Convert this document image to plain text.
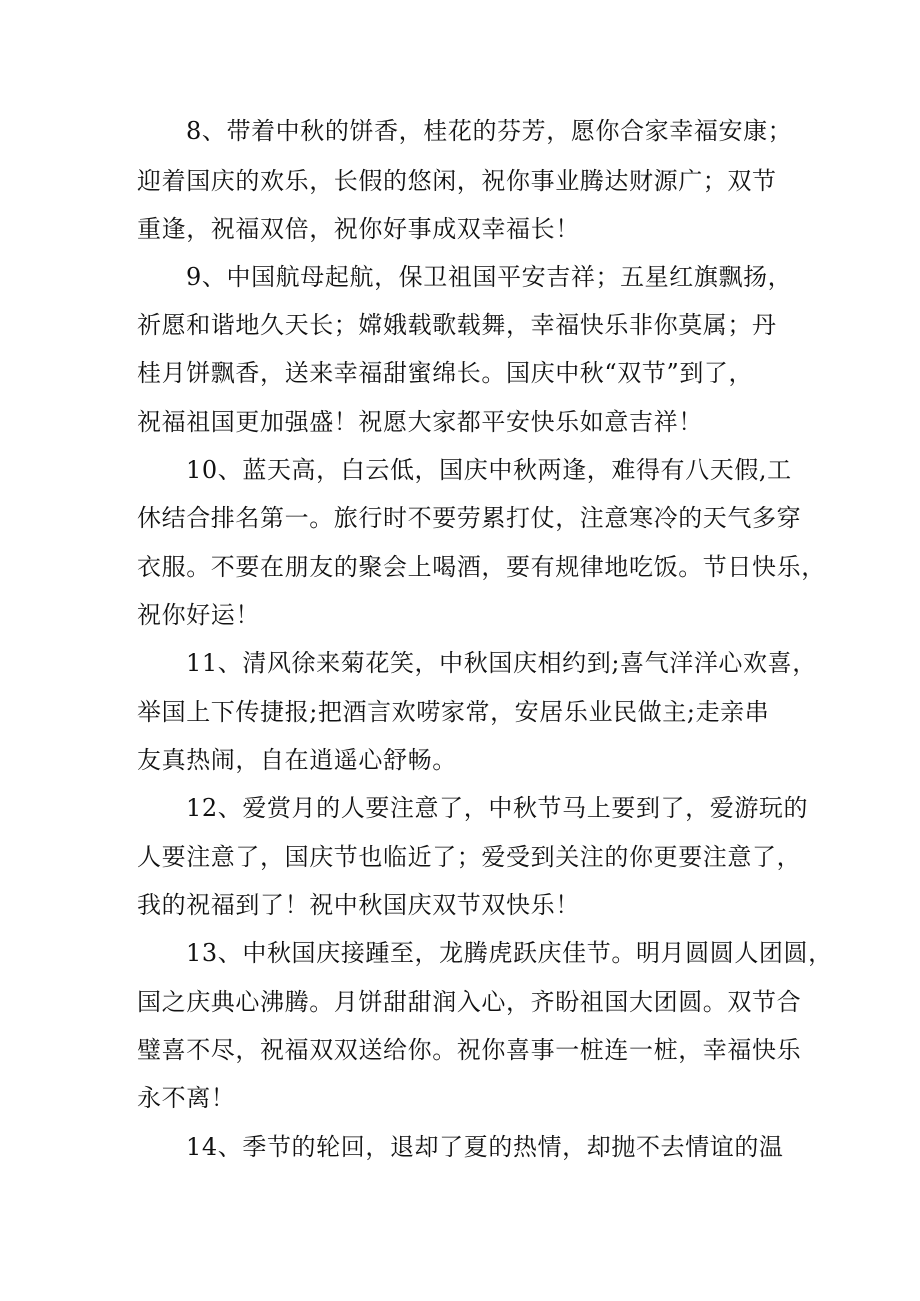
8、带着中秋的饼香，桂花的芬芳，愿你合家幸福安康；
迎着国庆的欢乐，长假的悠闲，祝你事业腾达财源广；双节
重逢，祝福双倍，祝你好事成双幸福长！
9、中国航母起航，保卫祖国平安吉祥；五星红旗飘扬，
祈愿和谐地久天长；嫦娥载歌载舞，幸福快乐非你莫属；丹
桂月饼飘香，送来幸福甜蜜绵长。国庆中秋“双节”到了，
祝福祖国更加强盛！祝愿大家都平安快乐如意吉祥！
10、蓝天高，白云低，国庆中秋两逢，难得有八天假,工
休结合排名第一。旅行时不要劳累打仗，注意寒冷的天气多穿
衣服。不要在朋友的聚会上喝酒，要有规律地吃饭。节日快乐，
祝你好运！
11、清风徐来菊花笑，中秋国庆相约到;喜气洋洋心欢喜，
举国上下传捷报;把酒言欢唠家常，安居乐业民做主;走亲串
友真热闹，自在逍遥心舒畅。
12、爱赏月的人要注意了，中秋节马上要到了，爱游玩的
人要注意了，国庆节也临近了；爱受到关注的你更要注意了，
我的祝福到了！祝中秋国庆双节双快乐！
13、中秋国庆接踵至，龙腾虎跃庆佳节。明月圆圆人团圆，
国之庆典心沸腾。月饼甜甜润入心，齐盼祖国大团圆。双节合
璧喜不尽，祝福双双送给你。祝你喜事一桩连一桩，幸福快乐
永不离！
14、季节的轮回，退却了夏的热情，却抛不去情谊的温
